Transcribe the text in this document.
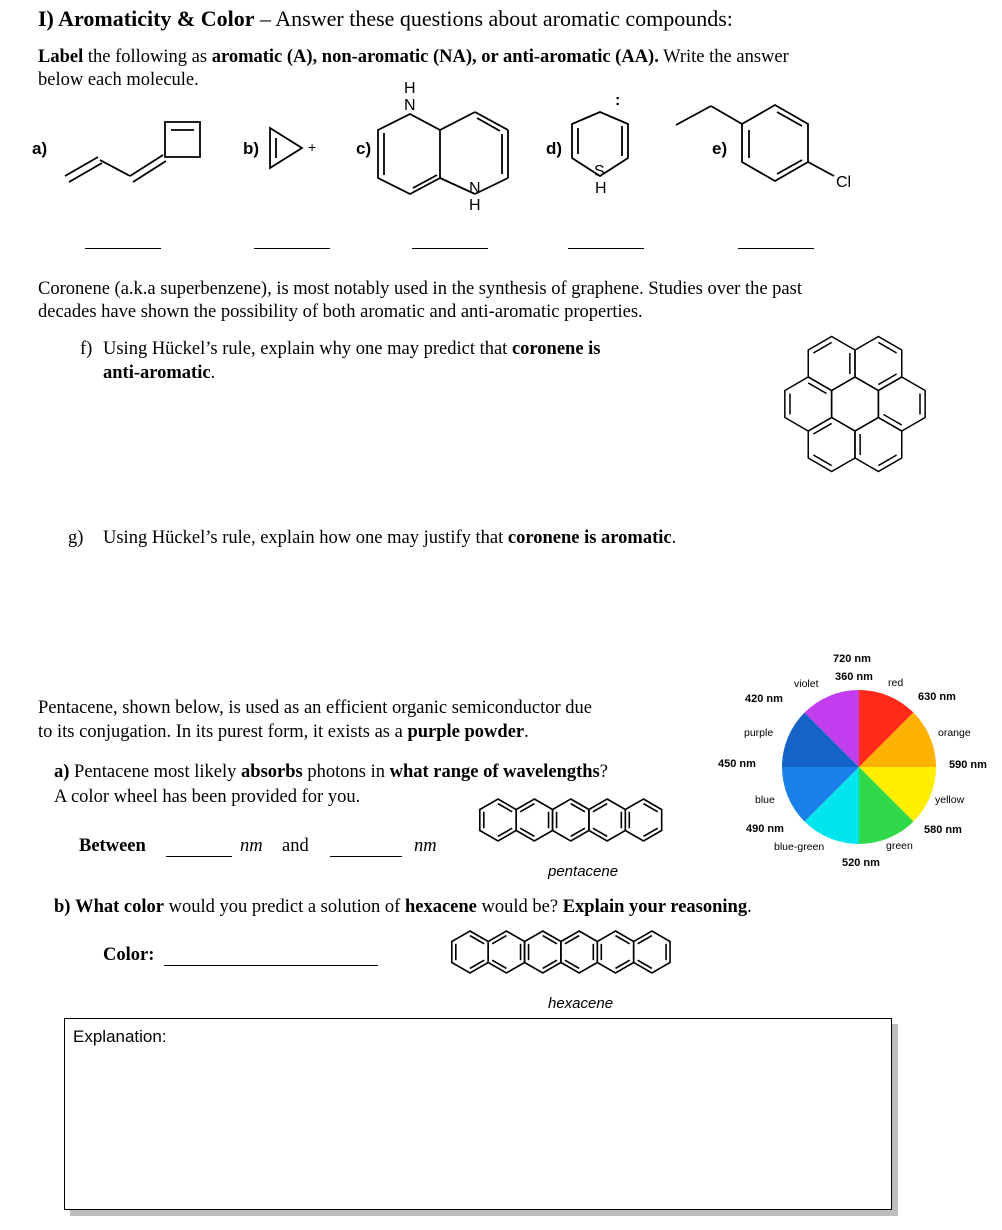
I) Aromaticity & Color – Answer these questions about aromatic compounds:
Label the following as aromatic (A), non-aromatic (NA), or anti-aromatic (AA). Write the answer
below each molecule.
a)	b)	c)	d)	e)
+
H
N
N
H
S
H
:
Cl
Coronene (a.k.a superbenzene), is most notably used in the synthesis of graphene. Studies over the past
decades have shown the possibility of both aromatic and anti-aromatic properties.
f) Using Hückel’s rule, explain why one may predict that coronene is
anti-aromatic.
g) Using Hückel’s rule, explain how one may justify that coronene is aromatic.
Pentacene, shown below, is used as an efficient organic semiconductor due
to its conjugation. In its purest form, it exists as a purple powder.
a) Pentacene most likely absorbs photons in what range of wavelengths?
A color wheel has been provided for you.
Between	nm and	nm
pentacene
720 nm
360 nm
violet	red
420 nm	630 nm
purple	orange
450 nm	590 nm
blue	yellow
490 nm	580 nm
blue-green	green
520 nm
b) What color would you predict a solution of hexacene would be? Explain your reasoning.
Color:
hexacene
Explanation:
